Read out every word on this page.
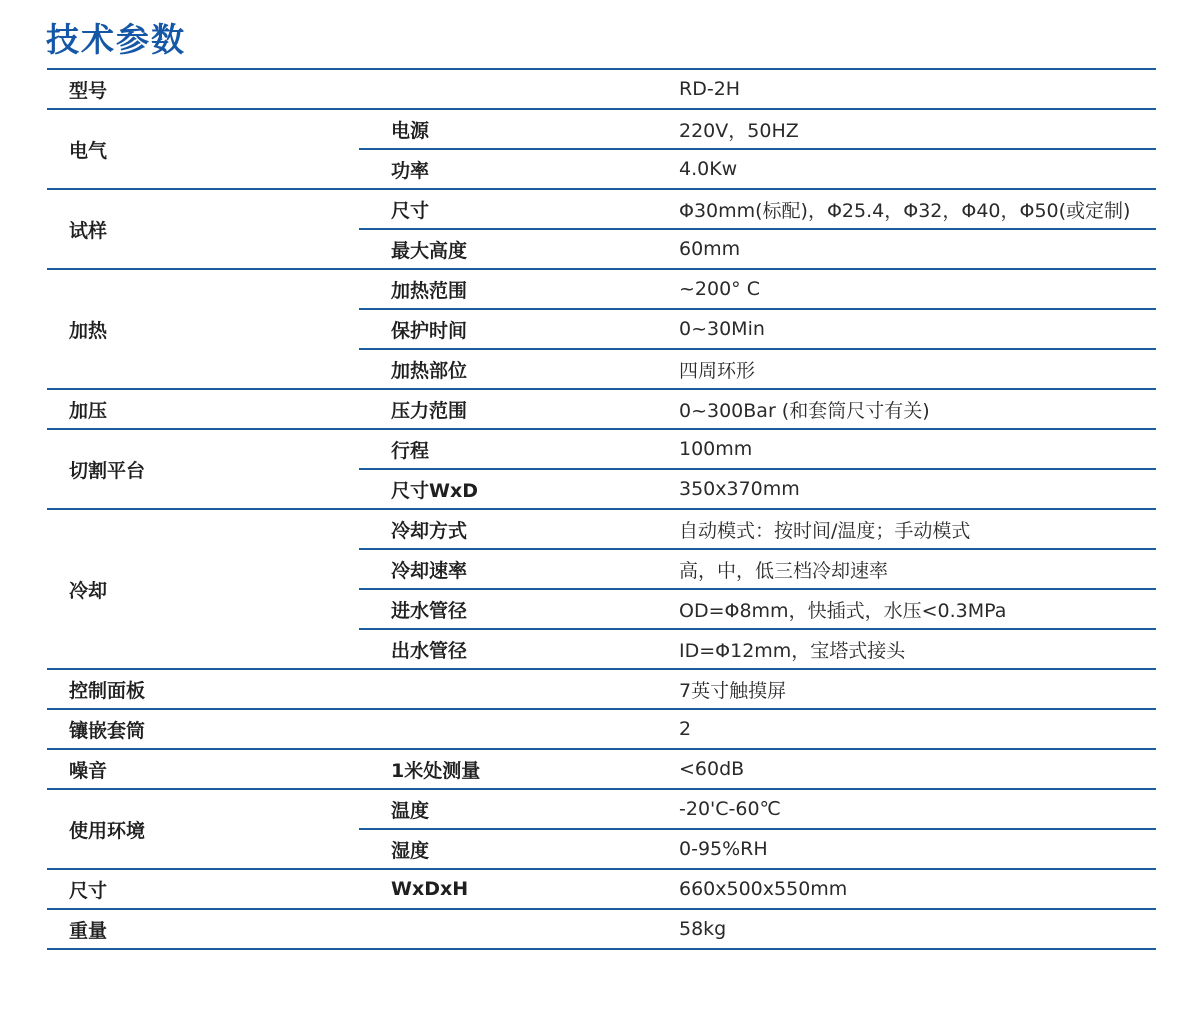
技术参数
型号		RD-2H
电气	电源	220V，50HZ
	功率	4.0Kw
试样	尺寸	Φ30mm(标配)，Φ25.4，Φ32，Φ40，Φ50(或定制)
	最大高度	60mm
加热	加热范围	~200° C
	保护时间	0~30Min
	加热部位	四周环形
加压	压力范围	0~300Bar (和套筒尺寸有关)
切割平台	行程	100mm
	尺寸WxD	350x370mm
冷却	冷却方式	自动模式：按时间/温度；手动模式
	冷却速率	高，中，低三档冷却速率
	进水管径	OD=Φ8mm，快插式，水压<0.3MPa
	出水管径	ID=Φ12mm，宝塔式接头
控制面板		7英寸触摸屏
镶嵌套筒		2
噪音	1米处测量	<60dB
使用环境	温度	-20'C-60℃
	湿度	0-95%RH
尺寸	WxDxH	660x500x550mm
重量		58kg
